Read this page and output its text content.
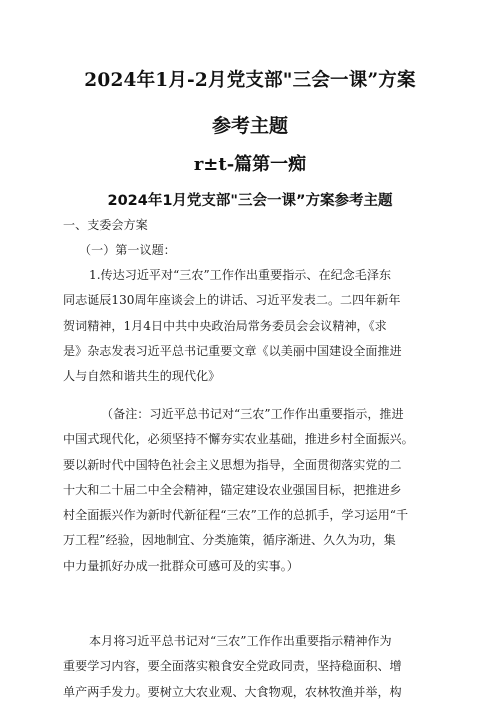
2024年1月-2月党支部"三会一课”方案
参考主题
r±t-篇第一痴
2024年1月党支部"三会一课”方案参考主题
一、支委会方案
（一）第一议题：
1.传达习近平对“三农”工作作出重要指示、在纪念毛泽东
同志诞辰130周年座谈会上的讲话、习近平发表二。二四年新年
贺词精神，1月4日中共中央政治局常务委员会会议精神，《求
是》杂志发表习近平总书记重要文章《以美丽中国建设全面推进
人与自然和谐共生的现代化》
（备注：习近平总书记对“三农”工作作出重要指示，推进
中国式现代化，必须坚持不懈夯实农业基础，推进乡村全面振兴。
要以新时代中国特色社会主义思想为指导，全面贯彻落实党的二
十大和二十届二中全会精神，锚定建设农业强国目标，把推进乡
村全面振兴作为新时代新征程“三农”工作的总抓手，学习运用“千
万工程”经验，因地制宜、分类施策，循序渐进、久久为功，集
中力量抓好办成一批群众可感可及的实事。）
本月将习近平总书记对“三农”工作作出重要指示精神作为
重要学习内容，要全面落实粮食安全党政同责，坚持稳面积、增
单产两手发力。要树立大农业观、大食物观，农林牧渔并举，构
